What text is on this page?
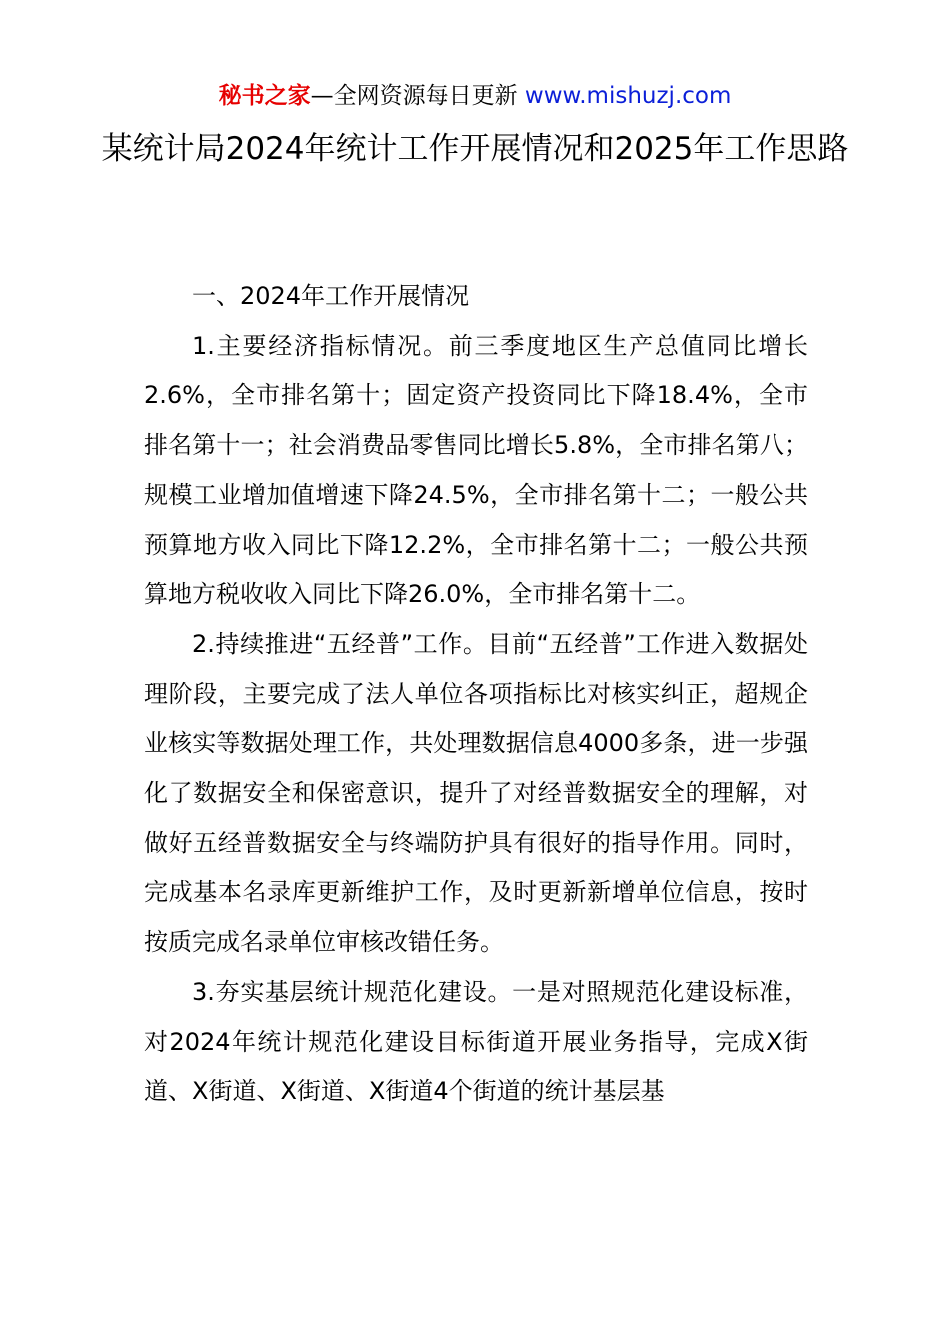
秘书之家—全网资源每日更新 www.mishuzj.com
某统计局2024年统计工作开展情况和2025年工作思路

一、2024年工作开展情况

1.主要经济指标情况。前三季度地区生产总值同比增长2.6%，全市排名第十；固定资产投资同比下降18.4%，全市排名第十一；社会消费品零售同比增长5.8%，全市排名第八；规模工业增加值增速下降24.5%，全市排名第十二；一般公共预算地方收入同比下降12.2%，全市排名第十二；一般公共预算地方税收收入同比下降26.0%，全市排名第十二。

2.持续推进“五经普”工作。目前“五经普”工作进入数据处理阶段，主要完成了法人单位各项指标比对核实纠正，超规企业核实等数据处理工作，共处理数据信息4000多条，进一步强化了数据安全和保密意识，提升了对经普数据安全的理解，对做好五经普数据安全与终端防护具有很好的指导作用。同时，完成基本名录库更新维护工作，及时更新新增单位信息，按时按质完成名录单位审核改错任务。

3.夯实基层统计规范化建设。一是对照规范化建设标准，对2024年统计规范化建设目标街道开展业务指导，完成X街道、X街道、X街道、X街道4个街道的统计基层基
